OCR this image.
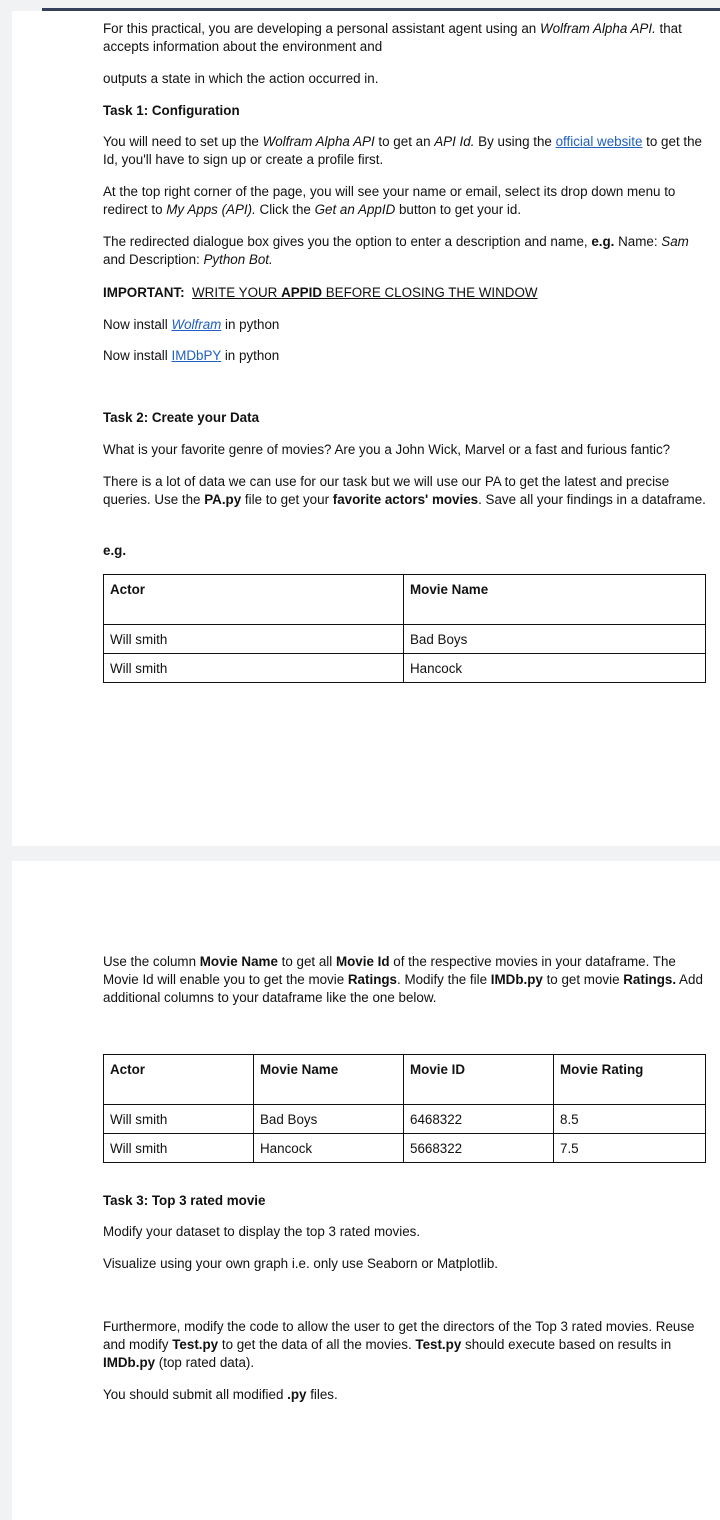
For this practical, you are developing a personal assistant agent using an Wolfram Alpha API. that accepts information about the environment and

outputs a state in which the action occurred in.

Task 1: Configuration

You will need to set up the Wolfram Alpha API to get an API Id. By using the official website to get the Id, you'll have to sign up or create a profile first.

At the top right corner of the page, you will see your name or email, select its drop down menu to redirect to My Apps (API). Click the Get an AppID button to get your id.

The redirected dialogue box gives you the option to enter a description and name, e.g. Name: Sam and Description: Python Bot.

IMPORTANT: WRITE YOUR APPID BEFORE CLOSING THE WINDOW

Now install Wolfram in python

Now install IMDbPY in python

Task 2: Create your Data

What is your favorite genre of movies? Are you a John Wick, Marvel or a fast and furious fantic?

There is a lot of data we can use for our task but we will use our PA to get the latest and precise queries. Use the PA.py file to get your favorite actors' movies. Save all your findings in a dataframe.

e.g.

Actor	Movie Name
Will smith	Bad Boys
Will smith	Hancock

Use the column Movie Name to get all Movie Id of the respective movies in your dataframe. The Movie Id will enable you to get the movie Ratings. Modify the file IMDb.py to get movie Ratings. Add additional columns to your dataframe like the one below.

Actor	Movie Name	Movie ID	Movie Rating
Will smith	Bad Boys	6468322	8.5
Will smith	Hancock	5668322	7.5

Task 3: Top 3 rated movie

Modify your dataset to display the top 3 rated movies.

Visualize using your own graph i.e. only use Seaborn or Matplotlib.

Furthermore, modify the code to allow the user to get the directors of the Top 3 rated movies. Reuse and modify Test.py to get the data of all the movies. Test.py should execute based on results in IMDb.py (top rated data).

You should submit all modified .py files.
